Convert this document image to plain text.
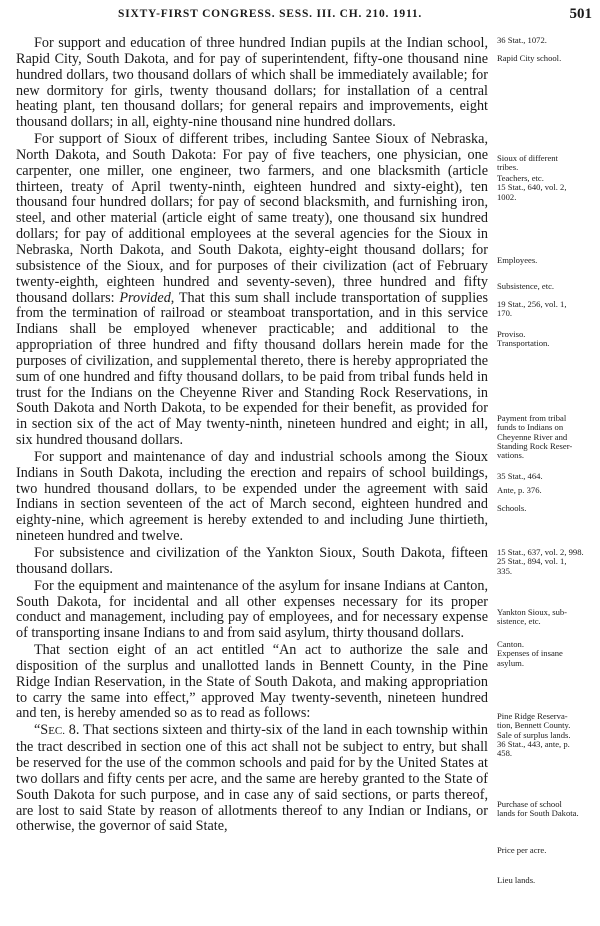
SIXTY-FIRST CONGRESS. SESS. III. CH. 210. 1911.	501

For support and education of three hundred Indian pupils at the Indian school, Rapid City, South Dakota, and for pay of superintendent, fifty-one thousand nine hundred dollars, two thousand dollars of which shall be immediately available; for new dormitory for girls, twenty thousand dollars; for installation of a central heating plant, ten thousand dollars; for general repairs and improvements, eight thousand dollars; in all, eighty-nine thousand nine hundred dollars.

For support of Sioux of different tribes, including Santee Sioux of Nebraska, North Dakota, and South Dakota: For pay of five teachers, one physician, one carpenter, one miller, one engineer, two farmers, and one blacksmith (article thirteen, treaty of April twenty-ninth, eighteen hundred and sixty-eight), ten thousand four hundred dollars; for pay of second blacksmith, and furnishing iron, steel, and other material (article eight of same treaty), one thousand six hundred dollars; for pay of additional employees at the several agencies for the Sioux in Nebraska, North Dakota, and South Dakota, eighty-eight thousand dollars; for subsistence of the Sioux, and for purposes of their civilization (act of February twenty-eighth, eighteen hundred and seventy-seven), three hundred and fifty thousand dollars: Provided, That this sum shall include transportation of supplies from the termination of railroad or steamboat transportation, and in this service Indians shall be employed whenever practicable; and additional to the appropriation of three hundred and fifty thousand dollars herein made for the purposes of civilization, and supplemental thereto, there is hereby appropriated the sum of one hundred and fifty thousand dollars, to be paid from tribal funds held in trust for the Indians on the Cheyenne River and Standing Rock Reservations, in South Dakota and North Dakota, to be expended for their benefit, as provided for in section six of the act of May twenty-ninth, nineteen hundred and eight; in all, six hundred thousand dollars.

For support and maintenance of day and industrial schools among the Sioux Indians in South Dakota, including the erection and repairs of school buildings, two hundred thousand dollars, to be expended under the agreement with said Indians in section seventeen of the act of March second, eighteen hundred and eighty-nine, which agreement is hereby extended to and including June thirtieth, nineteen hundred and twelve.

For subsistence and civilization of the Yankton Sioux, South Dakota, fifteen thousand dollars.

For the equipment and maintenance of the asylum for insane Indians at Canton, South Dakota, for incidental and all other expenses necessary for its proper conduct and management, including pay of employees, and for necessary expense of transporting insane Indians to and from said asylum, thirty thousand dollars.

That section eight of an act entitled “An act to authorize the sale and disposition of the surplus and unallotted lands in Bennett County, in the Pine Ridge Indian Reservation, in the State of South Dakota, and making appropriation to carry the same into effect,” approved May twenty-seventh, nineteen hundred and ten, is hereby amended so as to read as follows:

“SEC. 8. That sections sixteen and thirty-six of the land in each township within the tract described in section one of this act shall not be subject to entry, but shall be reserved for the use of the common schools and paid for by the United States at two dollars and fifty cents per acre, and the same are hereby granted to the State of South Dakota for such purpose, and in case any of said sections, or parts thereof, are lost to said State by reason of allotments thereof to any Indian or Indians, or otherwise, the governor of said State,

36 Stat., 1072.
Rapid City school.
Sioux of different
tribes.
Teachers, etc.
15 Stat., 640, vol. 2,
1002.
Employees.
Subsistence, etc.
19 Stat., 256, vol. 1,
170.
Proviso.
Transportation.
Payment from tribal
funds to Indians on
Cheyenne River and
Standing Rock Reser-
vations.
35 Stat., 464.
Ante, p. 376.
Schools.
15 Stat., 637, vol. 2, 998.
25 Stat., 894, vol. 1,
335.
Yankton Sioux, sub-
sistence, etc.
Canton.
Expenses of insane
asylum.
Pine Ridge Reserva-
tion, Bennett County.
Sale of surplus lands.
36 Stat., 443, ante, p.
458.
Purchase of school
lands for South Dakota.
Price per acre.
Lieu lands.
